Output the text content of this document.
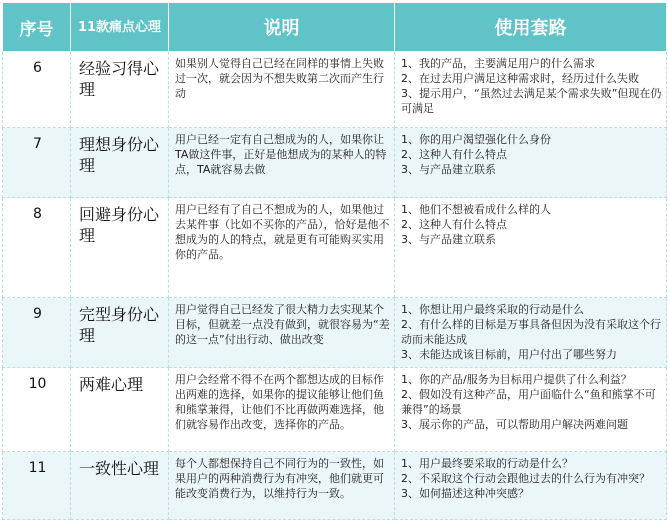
序号	11款痛点心理	说明	使用套路
6	经验习得心理	如果别人觉得自己已经在同样的事情上失败过一次，就会因为不想失败第二次而产生行动	1、我的产品，主要满足用户的什么需求
2、在过去用户满足这种需求时，经历过什么失败
3、提示用户，“虽然过去满足某个需求失败”但现在仍可满足

7	理想身份心理	用户已经一定有自己想成为的人，如果你让TA做这件事，正好是他想成为的某种人的特点，TA就容易去做	1、你的用户渴望强化什么身份
2、这种人有什么特点
3、与产品建立联系

8	回避身份心理	用户已经有了自己不想成为的人，如果他过去某件事（比如不买你的产品），恰好是他不想成为的人的特点，就是更有可能购买实用你的产品。	1、他们不想被看成什么样的人
2、这种人有什么特点
3、与产品建立联系

9	完型身份心理	用户觉得自己已经发了很大精力去实现某个目标，但就差一点没有做到，就很容易为“差的这一点”付出行动、做出改变	1、你想让用户最终采取的行动是什么
2、有什么样的目标是万事具备但因为没有采取这个行动而未能达成
3、未能达成该目标前，用户付出了哪些努力

10	两难心理	用户会经常不得不在两个都想达成的目标作出两难的选择，如果你的提议能够让他们鱼和熊掌兼得，让他们不比再做两难选择，他们就容易作出改变，选择你的产品。	1、你的产品/服务为目标用户提供了什么利益？
2、假如没有这种产品，用户面临什么“鱼和熊掌不可兼得”的场景
3、展示你的产品，可以帮助用户解决两难问题

11	一致性心理	每个人都想保持自己不同行为的一致性，如果用户的两种消费行为有冲突，他们就更可能改变消费行为，以维持行为一致。	1、用户最终要采取的行动是什么？
2、不采取这个行动会跟他过去的什么行为有冲突？
3、如何描述这种冲突感？
